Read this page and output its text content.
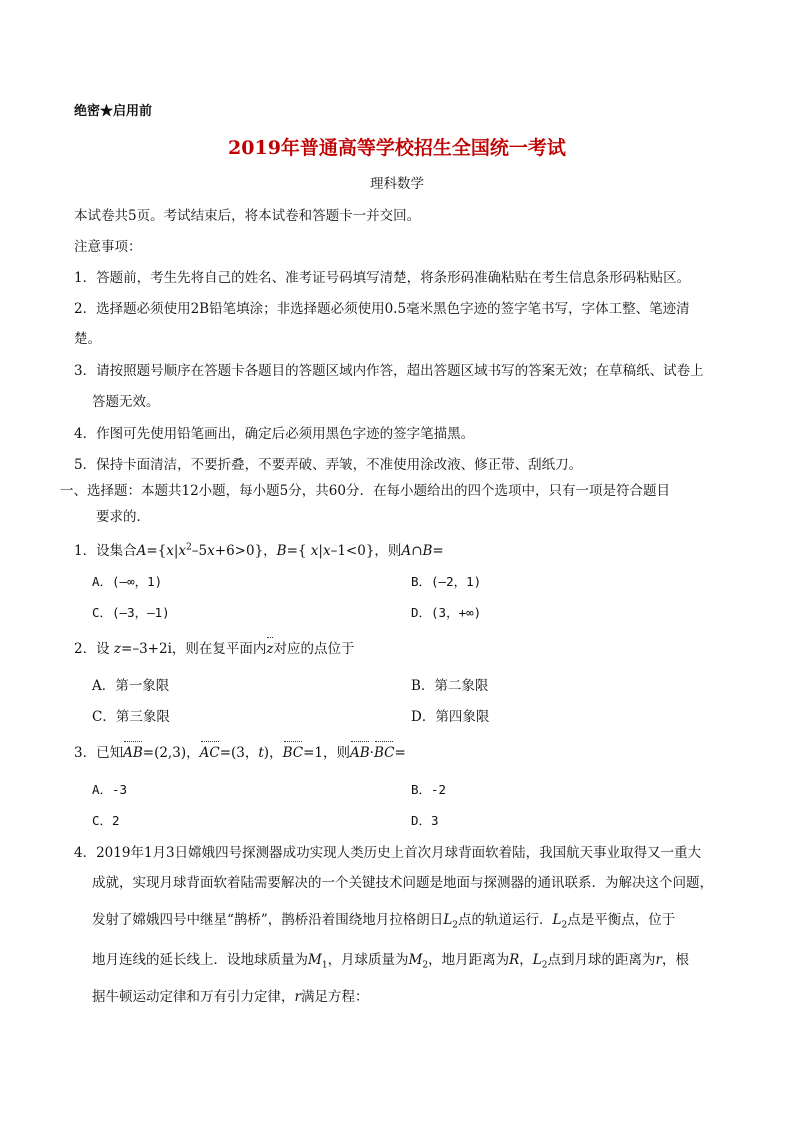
绝密★启用前
2019年普通高等学校招生全国统一考试
理科数学
本试卷共5页。考试结束后，将本试卷和答题卡一并交回。
注意事项：
1．答题前，考生先将自己的姓名、准考证号码填写清楚，将条形码准确粘贴在考生信息条形码粘贴区。
2．选择题必须使用2B铅笔填涂；非选择题必须使用0.5毫米黑色字迹的签字笔书写，字体工整、笔迹清
楚。
3．请按照题号顺序在答题卡各题目的答题区域内作答，超出答题区域书写的答案无效；在草稿纸、试卷上
答题无效。
4．作图可先使用铅笔画出，确定后必须用黑色字迹的签字笔描黑。
5．保持卡面清洁，不要折叠，不要弄破、弄皱，不准使用涂改液、修正带、刮纸刀。
一、选择题：本题共12小题，每小题5分，共60分．在每小题给出的四个选项中，只有一项是符合题目
要求的．
1．设集合$A=\{x|x^2-5x+6>0\}$，B={ x|x–1<0}，则A∩B=
A．(–∞，1)	B．(–2，1)
C．(–3，–1)	D．(3，+∞)
2．设 z=–3+2i，则在复平面内z对应的点位于
A．第一象限	B．第二象限
C．第三象限	D．第四象限
3．已知AB=(2,3)，AC=(3，t)，BC=1，则AB·BC=
A．-3	B．-2
C．2	D．3
4．2019年1月3日嫦娥四号探测器成功实现人类历史上首次月球背面软着陆，我国航天事业取得又一重大
成就，实现月球背面软着陆需要解决的一个关键技术问题是地面与探测器的通讯联系．为解决这个问题，
发射了嫦娥四号中继星“鹊桥”，鹊桥沿着围绕地月拉格朗日$L_2$点的轨道运行．$L_2$点是平衡点，位于
地月连线的延长线上．设地球质量为$M_1$，月球质量为$M_2$，地月距离为R，$L_2$点到月球的距离为r，根
据牛顿运动定律和万有引力定律，r满足方程：
